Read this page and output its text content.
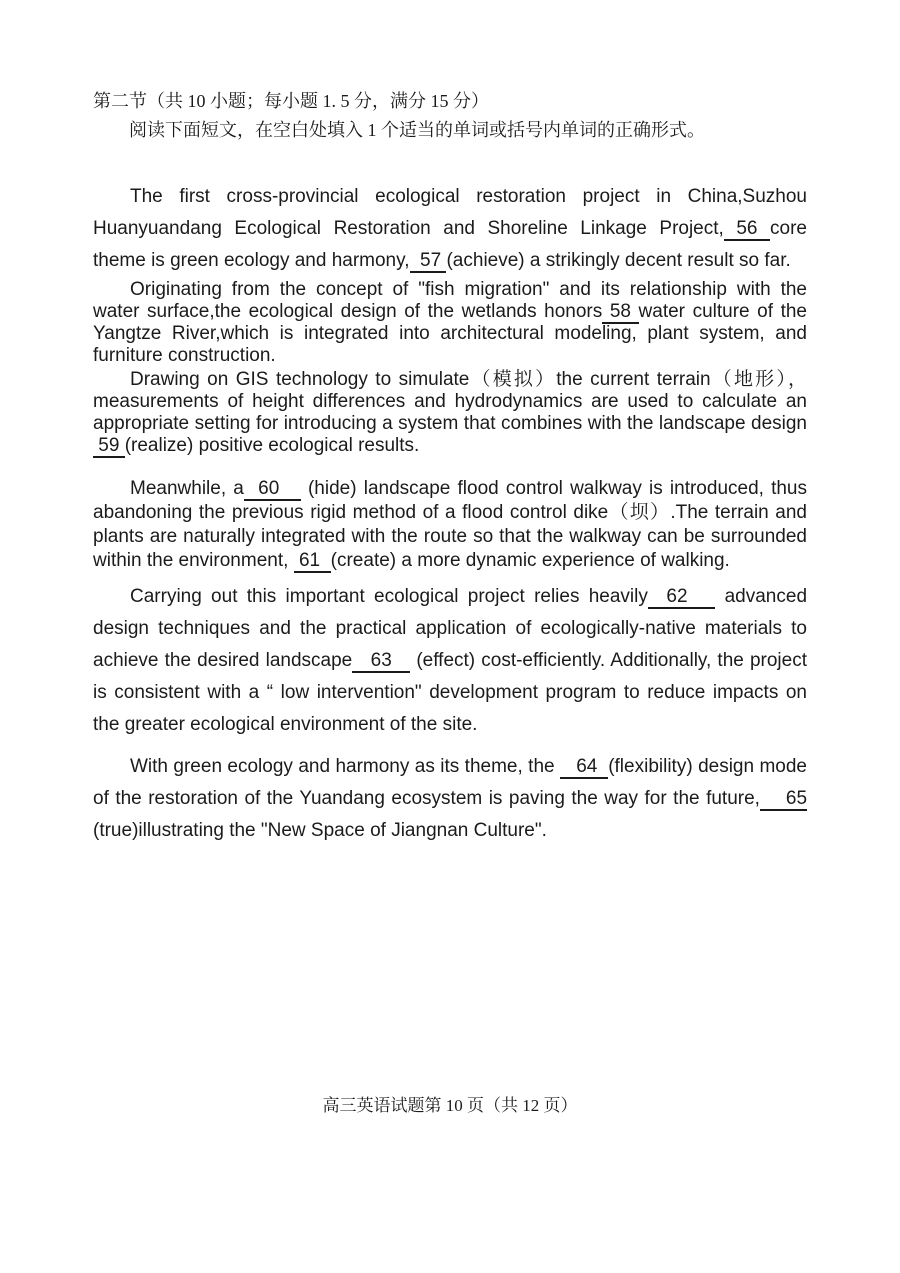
第二节（共 10 小题；每小题 1. 5 分，满分 15 分）
阅读下面短文，在空白处填入 1 个适当的单词或括号内单词的正确形式。

The first cross-provincial ecological restoration project in China,Suzhou Huanyuandang Ecological Restoration and Shoreline Linkage Project, 56 core theme is green ecology and harmony,  57 (achieve) a strikingly decent result so far.

Originating from the concept of "fish migration" and its relationship with the water surface,the ecological design of the wetlands honors 58 water culture of the Yangtze River,which is integrated into architectural modeling, plant system, and furniture construction.

Drawing on GIS technology to simulate（模拟）the current terrain（地形），measurements of height differences and hydrodynamics are used to calculate an appropriate setting for introducing a system that combines with the landscape design 59 (realize) positive ecological results.

Meanwhile, a  60    (hide) landscape flood control walkway is introduced, thus abandoning the previous rigid method of a flood control dike（坝）.The terrain and plants are naturally integrated with the route so that the walkway can be surrounded within the environment,  61  (create) a more dynamic experience of walking.

Carrying out this important ecological project relies heavily  62    advanced design techniques and the practical application of ecologically-native materials to achieve the desired landscape   63    (effect) cost-efficiently. Additionally, the project is consistent with a “ low intervention" development program to reduce impacts on the greater ecological environment of the site.

With green ecology and harmony as its theme, the    64  (flexibility) design mode of the restoration of the Yuandang ecosystem is paving the way for the future,    65 (true)illustrating the "New Space of Jiangnan Culture".

高三英语试题第 10 页（共 12 页）
